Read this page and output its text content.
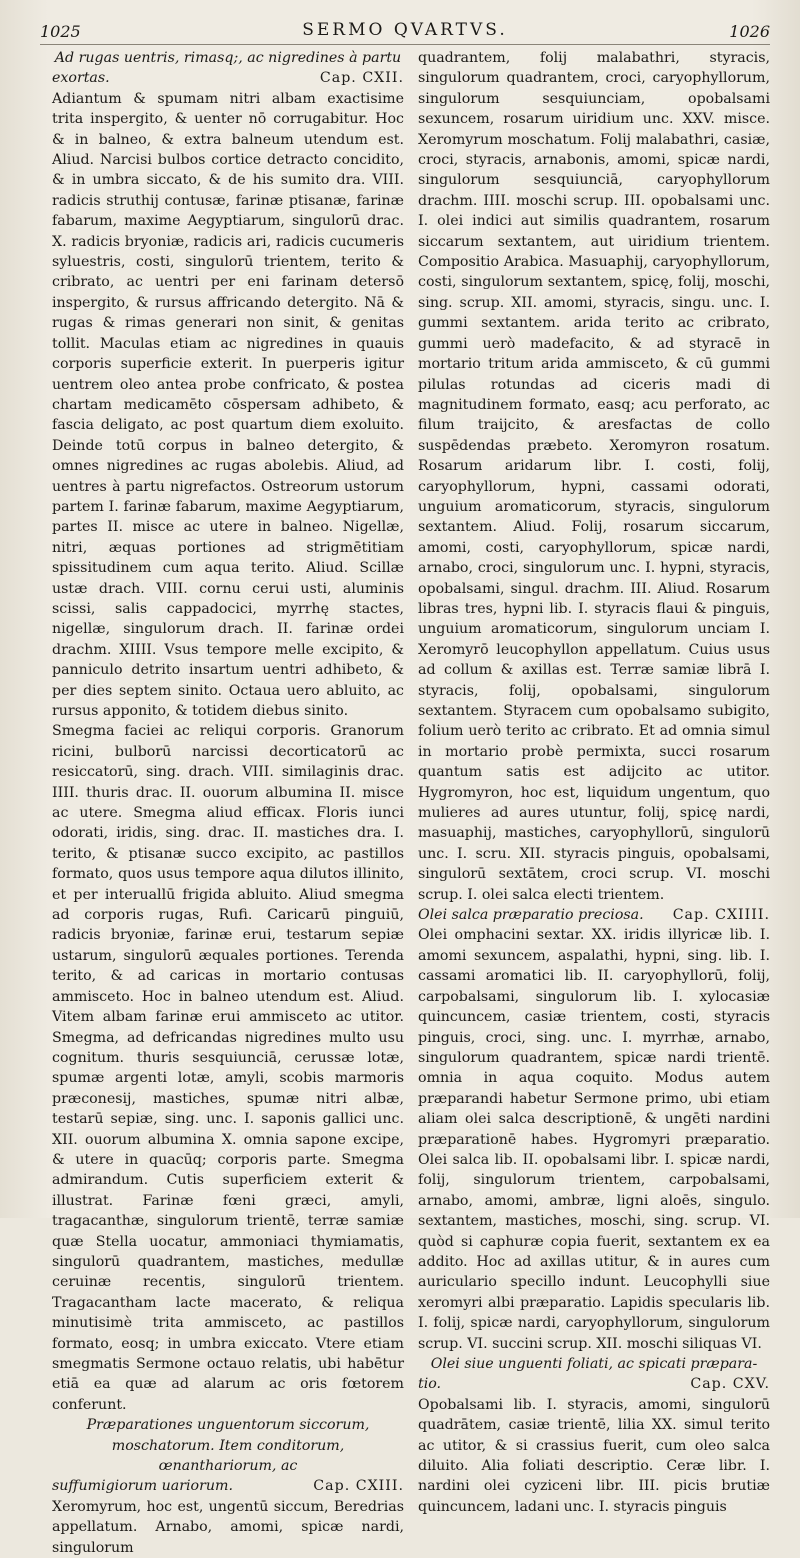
1025	SERMO QVARTVS.	1026

Ad rugas uentris, rimasq;, ac nigredines à partu

exortas.	Cap. CXII.

Adiantum & spumam nitri albam exactisime trita inspergito, & uenter nō corrugabitur. Hoc & in balneo, & extra balneum utendum est. Aliud. Narcisi bulbos cortice detracto concidito, & in umbra siccato, & de his sumito dra. VIII. radicis struthij contusæ, farinæ ptisanæ, farinæ fabarum, maxime Aegyptiarum, singulorū drac. X. radicis bryoniæ, radicis ari, radicis cucumeris syluestris, costi, singulorū trientem, terito & cribrato, ac uentri per eni farinam detersō inspergito, & rursus affricando detergito. Nā & rugas & rimas generari non sinit, & genitas tollit. Maculas etiam ac nigredines in quauis corporis superficie exterit. In puerperis igitur uentrem oleo antea probe confricato, & postea chartam medicamēto cōspersam adhibeto, & fascia deligato, ac post quartum diem exoluito. Deinde totū corpus in balneo detergito, & omnes nigredines ac rugas abolebis. Aliud, ad uentres à partu nigrefactos. Ostreorum ustorum partem I. farinæ fabarum, maxime Aegyptiarum, partes II. misce ac utere in balneo. Nigellæ, nitri, æquas portiones ad strigmētitiam spissitudinem cum aqua terito. Aliud. Scillæ ustæ drach. VIII. cornu cerui usti, aluminis scissi, salis cappadocici, myrrhę stactes, nigellæ, singulorum drach. II. farinæ ordei drachm. XIIII. Vsus tempore melle excipito, & panniculo detrito insartum uentri adhibeto, & per dies septem sinito. Octaua uero abluito, ac rursus apponito, & totidem diebus sinito.

Smegma faciei ac reliqui corporis. Granorum ricini, bulborū narcissi decorticatorū ac resiccatorū, sing. drach. VIII. similaginis drac. IIII. thuris drac. II. ouorum albumina II. misce ac utere. Smegma aliud efficax. Floris iunci odorati, iridis, sing. drac. II. mastiches dra. I. terito, & ptisanæ succo excipito, ac pastillos formato, quos usus tempore aqua dilutos illinito, et per interuallū frigida abluito. Aliud smegma ad corporis rugas, Rufi. Caricarū pinguiū, radicis bryoniæ, farinæ erui, testarum sepiæ ustarum, singulorū æquales portiones. Terenda terito, & ad caricas in mortario contusas ammisceto. Hoc in balneo utendum est. Aliud. Vitem albam farinæ erui ammisceto ac utitor. Smegma, ad defricandas nigredines multo usu cognitum. thuris sesquiunciā, cerussæ lotæ, spumæ argenti lotæ, amyli, scobis marmoris præconesij, mastiches, spumæ nitri albæ, testarū sepiæ, sing. unc. I. saponis gallici unc. XII. ouorum albumina X. omnia sapone excipe, & utere in quacūq; corporis parte. Smegma admirandum. Cutis superficiem exterit & illustrat. Farinæ fœni græci, amyli, tragacanthæ, singulorum trientē, terræ samiæ quæ Stella uocatur, ammoniaci thymiamatis, singulorū quadrantem, mastiches, medullæ ceruinæ recentis, singulorū trientem. Tragacantham lacte macerato, & reliqua minutisimè trita ammisceto, ac pastillos formato, eosq; in umbra exiccato. Vtere etiam smegmatis Sermone octauo relatis, ubi habētur etiā ea quæ ad alarum ac oris fœtorem conferunt.

Præparationes unguentorum siccorum, moschatorum. Item conditorum, œnanthariorum, ac

suffumigiorum uariorum.	Cap. CXIII.

Xeromyrum, hoc est, ungentū siccum, Beredrias appellatum. Arnabo, amomi, spicæ nardi, singulorum

quadrantem, folij malabathri, styracis, singulorum quadrantem, croci, caryophyllorum, singulorum sesquiunciam, opobalsami sexuncem, rosarum uiridium unc. XXV. misce. Xeromyrum moschatum. Folij malabathri, casiæ, croci, styracis, arnabonis, amomi, spicæ nardi, singulorum sesquiunciā, caryophyllorum drachm. IIII. moschi scrup. III. opobalsami unc. I. olei indici aut similis quadrantem, rosarum siccarum sextantem, aut uiridium trientem. Compositio Arabica. Masuaphij, caryophyllorum, costi, singulorum sextantem, spicę, folij, moschi, sing. scrup. XII. amomi, styracis, singu. unc. I. gummi sextantem. arida terito ac cribrato, gummi uerò madefacito, & ad styracē in mortario tritum arida ammisceto, & cū gummi pilulas rotundas ad ciceris madi di magnitudinem formato, easq; acu perforato, ac filum traijcito, & aresfactas de collo suspēdendas præbeto. Xeromyron rosatum. Rosarum aridarum libr. I. costi, folij, caryophyllorum, hypni, cassami odorati, unguium aromaticorum, styracis, singulorum sextantem. Aliud. Folij, rosarum siccarum, amomi, costi, caryophyllorum, spicæ nardi, arnabo, croci, singulorum unc. I. hypni, styracis, opobalsami, singul. drachm. III. Aliud. Rosarum libras tres, hypni lib. I. styracis flaui & pinguis, unguium aromaticorum, singulorum unciam I. Xeromyrō leucophyllon appellatum. Cuius usus ad collum & axillas est. Terræ samiæ librā I. styracis, folij, opobalsami, singulorum sextantem. Styracem cum opobalsamo subigito, folium uerò terito ac cribrato. Et ad omnia simul in mortario probè permixta, succi rosarum quantum satis est adijcito ac utitor. Hygromyron, hoc est, liquidum ungentum, quo mulieres ad aures utuntur, folij, spicę nardi, masuaphij, mastiches, caryophyllorū, singulorū unc. I. scru. XII. styracis pinguis, opobalsami, singulorū sextātem, croci scrup. VI. moschi scrup. I. olei salca electi trientem.

Olei salca præparatio preciosa. Cap. CXIIII.

Olei omphacini sextar. XX. iridis illyricæ lib. I. amomi sexuncem, aspalathi, hypni, sing. lib. I. cassami aromatici lib. II. caryophyllorū, folij, carpobalsami, singulorum lib. I. xylocasiæ quincuncem, casiæ trientem, costi, styracis pinguis, croci, sing. unc. I. myrrhæ, arnabo, singulorum quadrantem, spicæ nardi trientē. omnia in aqua coquito. Modus autem præparandi habetur Sermone primo, ubi etiam aliam olei salca descriptionē, & ungēti nardini præparationē habes. Hygromyri præparatio. Olei salca lib. II. opobalsami libr. I. spicæ nardi, folij, singulorum trientem, carpobalsami, arnabo, amomi, ambræ, ligni aloēs, singulo. sextantem, mastiches, moschi, sing. scrup. VI. quòd si caphuræ copia fuerit, sextantem ex ea addito. Hoc ad axillas utitur, & in aures cum auriculario specillo indunt. Leucophylli siue xeromyri albi præparatio. Lapidis specularis lib. I. folij, spicæ nardi, caryophyllorum, singulorum scrup. VI. succini scrup. XII. moschi siliquas VI.

Olei siue unguenti foliati, ac spicati præpara-

tio.	Cap. CXV.

Opobalsami lib. I. styracis, amomi, singulorū quadrātem, casiæ trientē, lilia XX. simul terito ac utitor, & si crassius fuerit, cum oleo salca diluito. Alia foliati descriptio. Ceræ libr. I. nardini olei cyziceni libr. III. picis brutiæ quincuncem, ladani unc. I. styracis pinguis
